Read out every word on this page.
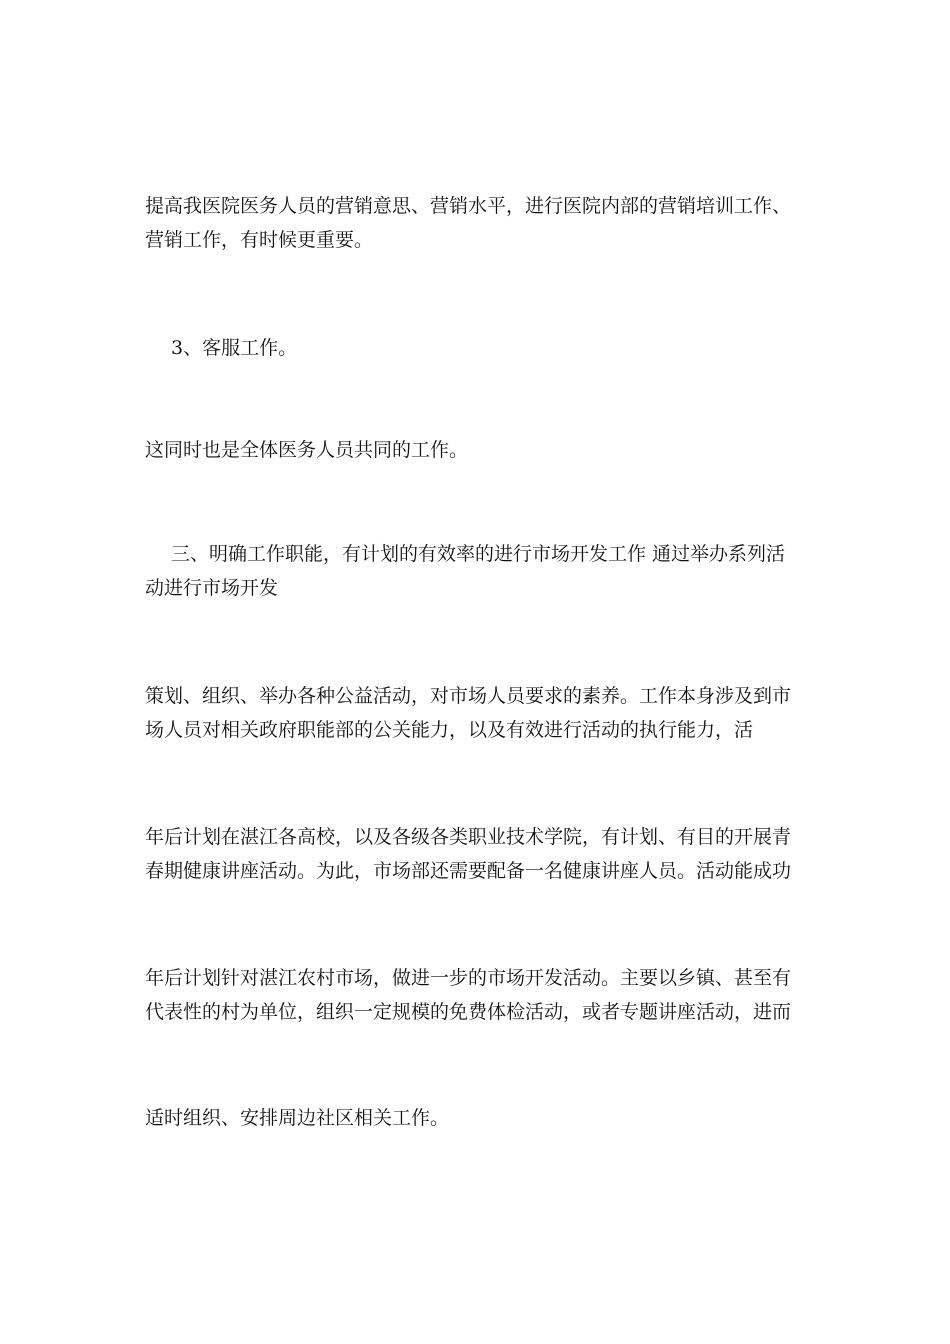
提高我医院医务人员的营销意思、营销水平，进行医院内部的营销培训工作、
营销工作，有时候更重要。

3、客服工作。

这同时也是全体医务人员共同的工作。

三、明确工作职能，有计划的有效率的进行市场开发工作 通过举办系列活
动进行市场开发

策划、组织、举办各种公益活动，对市场人员要求的素养。工作本身涉及到市
场人员对相关政府职能部的公关能力，以及有效进行活动的执行能力，活

年后计划在湛江各高校，以及各级各类职业技术学院，有计划、有目的开展青
春期健康讲座活动。为此，市场部还需要配备一名健康讲座人员。活动能成功

年后计划针对湛江农村市场，做进一步的市场开发活动。主要以乡镇、甚至有
代表性的村为单位，组织一定规模的免费体检活动，或者专题讲座活动，进而

适时组织、安排周边社区相关工作。
